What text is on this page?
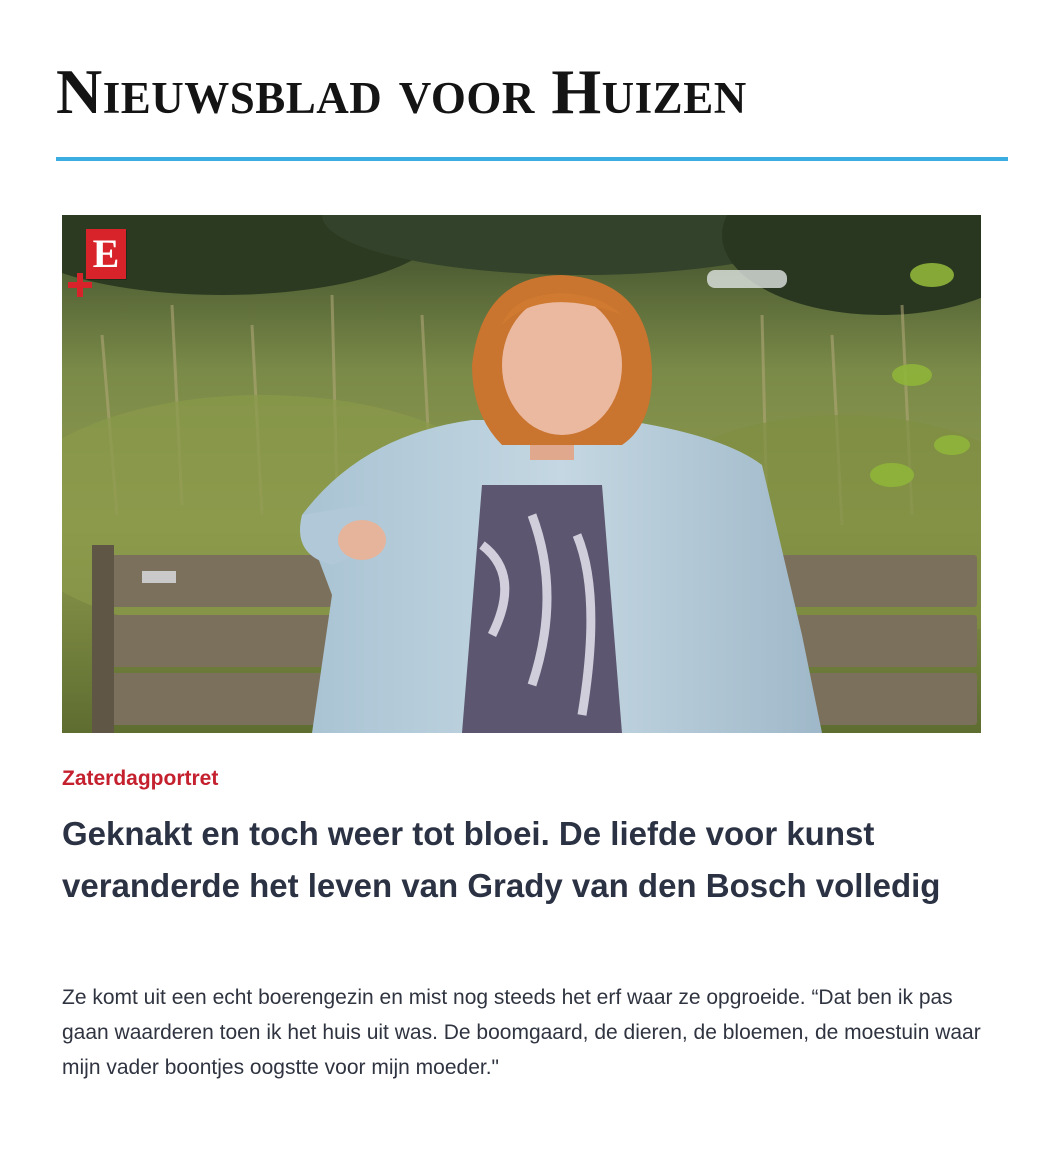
Nieuwsblad voor Huizen
E
Zaterdagportret
Geknakt en toch weer tot bloei. De liefde voor kunst veranderde het leven van Grady van den Bosch volledig

Ze komt uit een echt boerengezin en mist nog steeds het erf waar ze opgroeide. “Dat ben ik pas gaan waarderen toen ik het huis uit was. De boomgaard, de dieren, de bloemen, de moestuin waar mijn vader boontjes oogstte voor mijn moeder."
